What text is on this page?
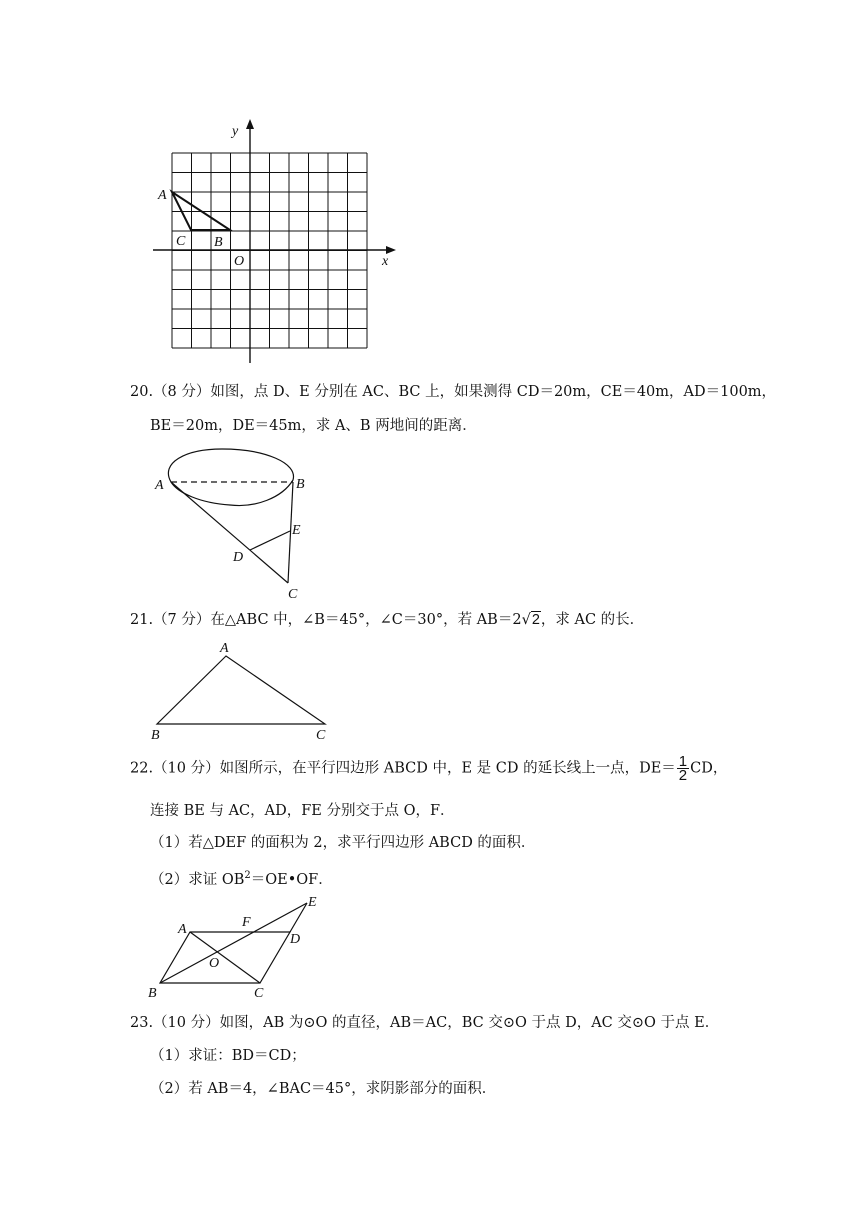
y
x
O
A
C B
20.（8 分）如图，点 D、E 分别在 AC、BC 上，如果测得 CD＝20m，CE＝40m，AD＝100m，
BE＝20m，DE＝45m，求 A、B 两地间的距离．
A	B
E
D
C
21.（7 分）在△ABC 中，∠B＝45°，∠C＝30°，若 AB＝2√2，求 AC 的长．
A
B	C
22.（10 分）如图所示，在平行四边形 ABCD 中，E 是 CD 的延长线上一点，$DE= \frac{1}{2}$ CD，
连接 BE 与 AC，AD，FE 分别交于点 O，F．
（1）若△DEF 的面积为 2，求平行四边形 ABCD 的面积．
（2）求证 $OB^2=OE•OF$．
A	F
E
D
O
B	C
23.（10 分）如图，AB 为⊙O 的直径，AB＝AC，BC 交⊙O 于点 D，AC 交⊙O 于点 E．
（1）求证：BD＝CD；
（2）若 AB＝4，∠BAC＝45°，求阴影部分的面积．
